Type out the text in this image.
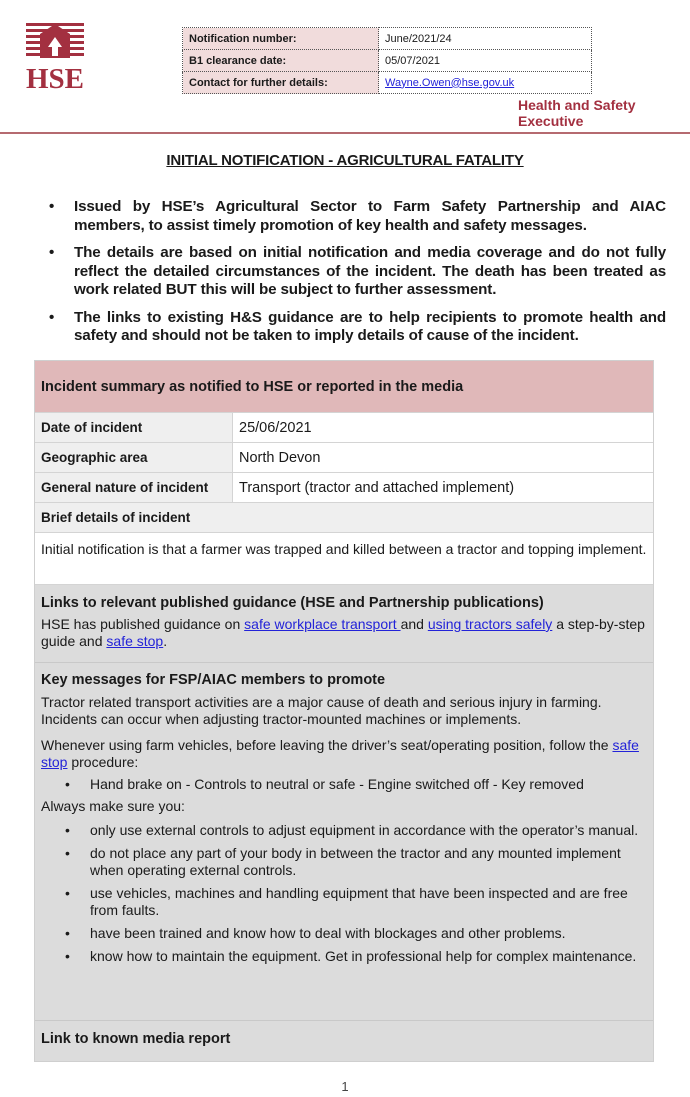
HSE
Notification number:	June/2021/24
B1 clearance date:	05/07/2021
Contact for further details:	Wayne.Owen@hse.gov.uk
Health and Safety
Executive
INITIAL NOTIFICATION - AGRICULTURAL FATALITY
• Issued by HSE’s Agricultural Sector to Farm Safety Partnership and AIAC members, to assist timely promotion of key health and safety messages.
• The details are based on initial notification and media coverage and do not fully reflect the detailed circumstances of the incident. The death has been treated as work related BUT this will be subject to further assessment.
• The links to existing H&S guidance are to help recipients to promote health and safety and should not be taken to imply details of cause of the incident.
Incident summary as notified to HSE or reported in the media
Date of incident	25/06/2021
Geographic area	North Devon
General nature of incident	Transport (tractor and attached implement)
Brief details of incident
Initial notification is that a farmer was trapped and killed between a tractor and topping implement.
Links to relevant published guidance (HSE and Partnership publications)
HSE has published guidance on safe workplace transport and using tractors safely a step-by-step guide and safe stop.
Key messages for FSP/AIAC members to promote
Tractor related transport activities are a major cause of death and serious injury in farming. Incidents can occur when adjusting tractor-mounted machines or implements.
Whenever using farm vehicles, before leaving the driver’s seat/operating position, follow the safe stop procedure:
• Hand brake on - Controls to neutral or safe - Engine switched off - Key removed
Always make sure you:
• only use external controls to adjust equipment in accordance with the operator’s manual.
• do not place any part of your body in between the tractor and any mounted implement when operating external controls.
• use vehicles, machines and handling equipment that have been inspected and are free from faults.
• have been trained and know how to deal with blockages and other problems.
• know how to maintain the equipment. Get in professional help for complex maintenance.
Link to known media report
1
